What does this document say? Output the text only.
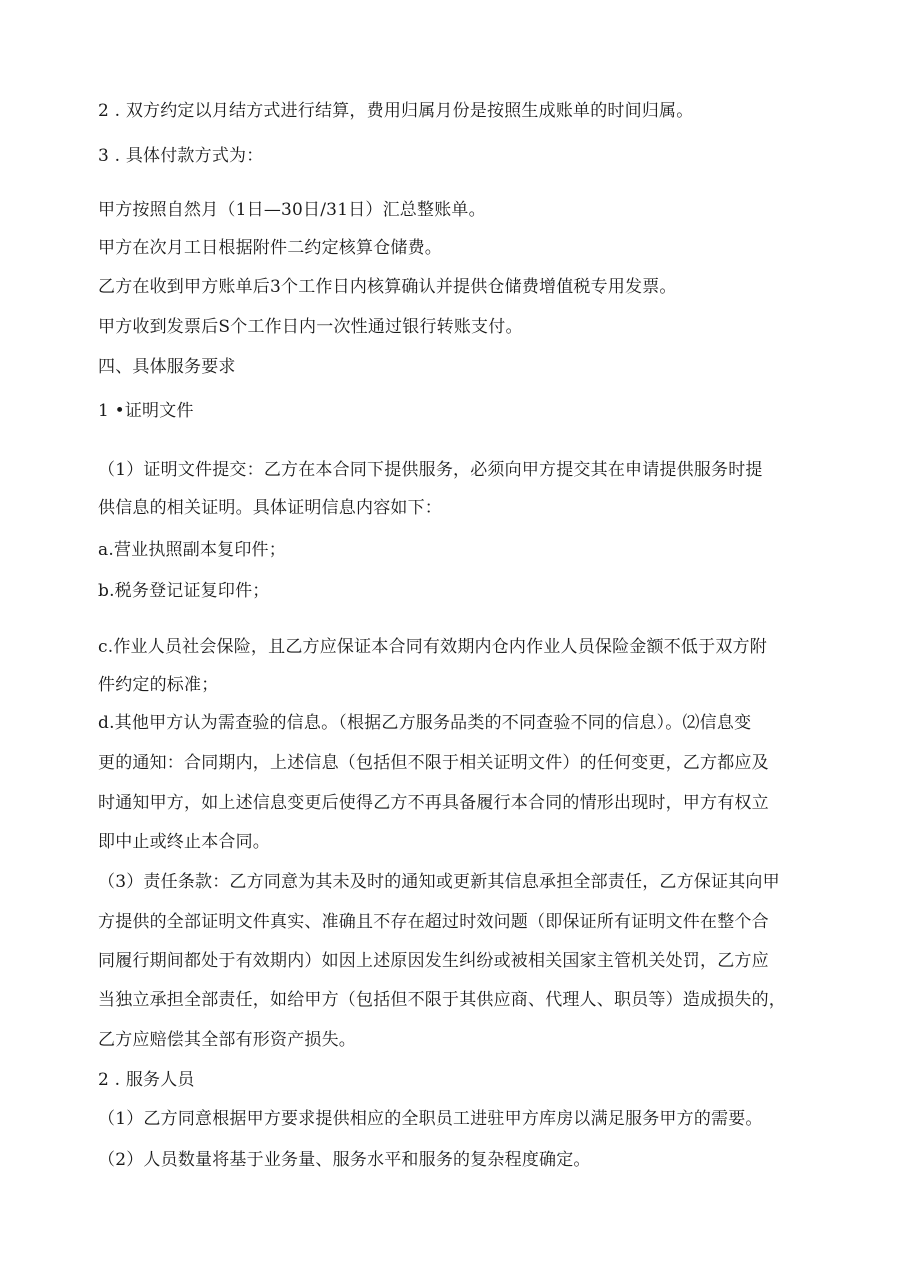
2 . 双方约定以月结方式进行结算，费用归属月份是按照生成账单的时间归属。
3 . 具体付款方式为：
甲方按照自然月（1日—30日/31日）汇总整账单。
甲方在次月工日根据附件二约定核算仓储费。
乙方在收到甲方账单后3个工作日内核算确认并提供仓储费增值税专用发票。
甲方收到发票后S个工作日内一次性通过银行转账支付。
四、具体服务要求
1 •证明文件
（1）证明文件提交：乙方在本合同下提供服务，必须向甲方提交其在申请提供服务时提
供信息的相关证明。具体证明信息内容如下：
a.营业执照副本复印件；
b.税务登记证复印件；
c.作业人员社会保险，且乙方应保证本合同有效期内仓内作业人员保险金额不低于双方附
件约定的标准；
d.其他甲方认为需查验的信息。（根据乙方服务品类的不同查验不同的信息）。⑵信息变
更的通知：合同期内，上述信息（包括但不限于相关证明文件）的任何变更，乙方都应及
时通知甲方，如上述信息变更后使得乙方不再具备履行本合同的情形出现时，甲方有权立
即中止或终止本合同。
（3）责任条款：乙方同意为其未及时的通知或更新其信息承担全部责任，乙方保证其向甲
方提供的全部证明文件真实、准确且不存在超过时效问题（即保证所有证明文件在整个合
同履行期间都处于有效期内）如因上述原因发生纠纷或被相关国家主管机关处罚，乙方应
当独立承担全部责任，如给甲方（包括但不限于其供应商、代理人、职员等）造成损失的，
乙方应赔偿其全部有形资产损失。
2 . 服务人员
（1）乙方同意根据甲方要求提供相应的全职员工进驻甲方库房以满足服务甲方的需要。
（2）人员数量将基于业务量、服务水平和服务的复杂程度确定。
